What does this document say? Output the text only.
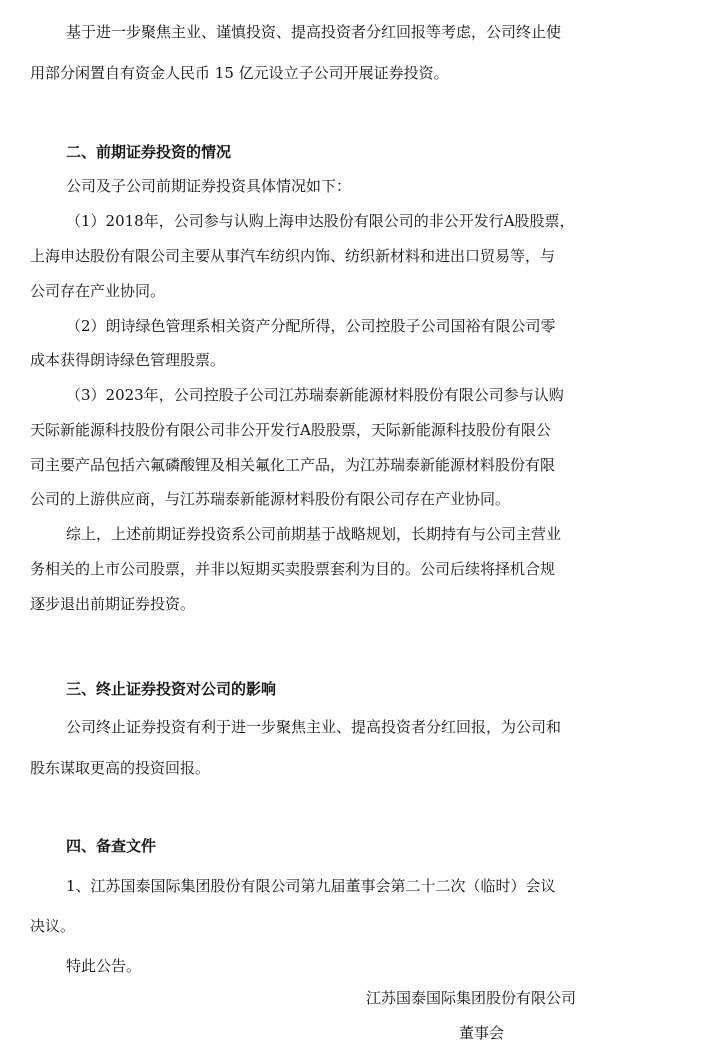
基于进一步聚焦主业、谨慎投资、提高投资者分红回报等考虑，公司终止使
用部分闲置自有资金人民币 15 亿元设立子公司开展证券投资。
二、前期证券投资的情况
公司及子公司前期证券投资具体情况如下：
（1）2018年，公司参与认购上海申达股份有限公司的非公开发行A股股票，
上海申达股份有限公司主要从事汽车纺织内饰、纺织新材料和进出口贸易等，与
公司存在产业协同。
（2）朗诗绿色管理系相关资产分配所得，公司控股子公司国裕有限公司零
成本获得朗诗绿色管理股票。
（3）2023年，公司控股子公司江苏瑞泰新能源材料股份有限公司参与认购
天际新能源科技股份有限公司非公开发行A股股票，天际新能源科技股份有限公
司主要产品包括六氟磷酸锂及相关氟化工产品，为江苏瑞泰新能源材料股份有限
公司的上游供应商，与江苏瑞泰新能源材料股份有限公司存在产业协同。
综上，上述前期证券投资系公司前期基于战略规划，长期持有与公司主营业
务相关的上市公司股票，并非以短期买卖股票套利为目的。公司后续将择机合规
逐步退出前期证券投资。
三、终止证券投资对公司的影响
公司终止证券投资有利于进一步聚焦主业、提高投资者分红回报，为公司和
股东谋取更高的投资回报。
四、备查文件
1、江苏国泰国际集团股份有限公司第九届董事会第二十二次（临时）会议
决议。
特此公告。
江苏国泰国际集团股份有限公司
董事会
